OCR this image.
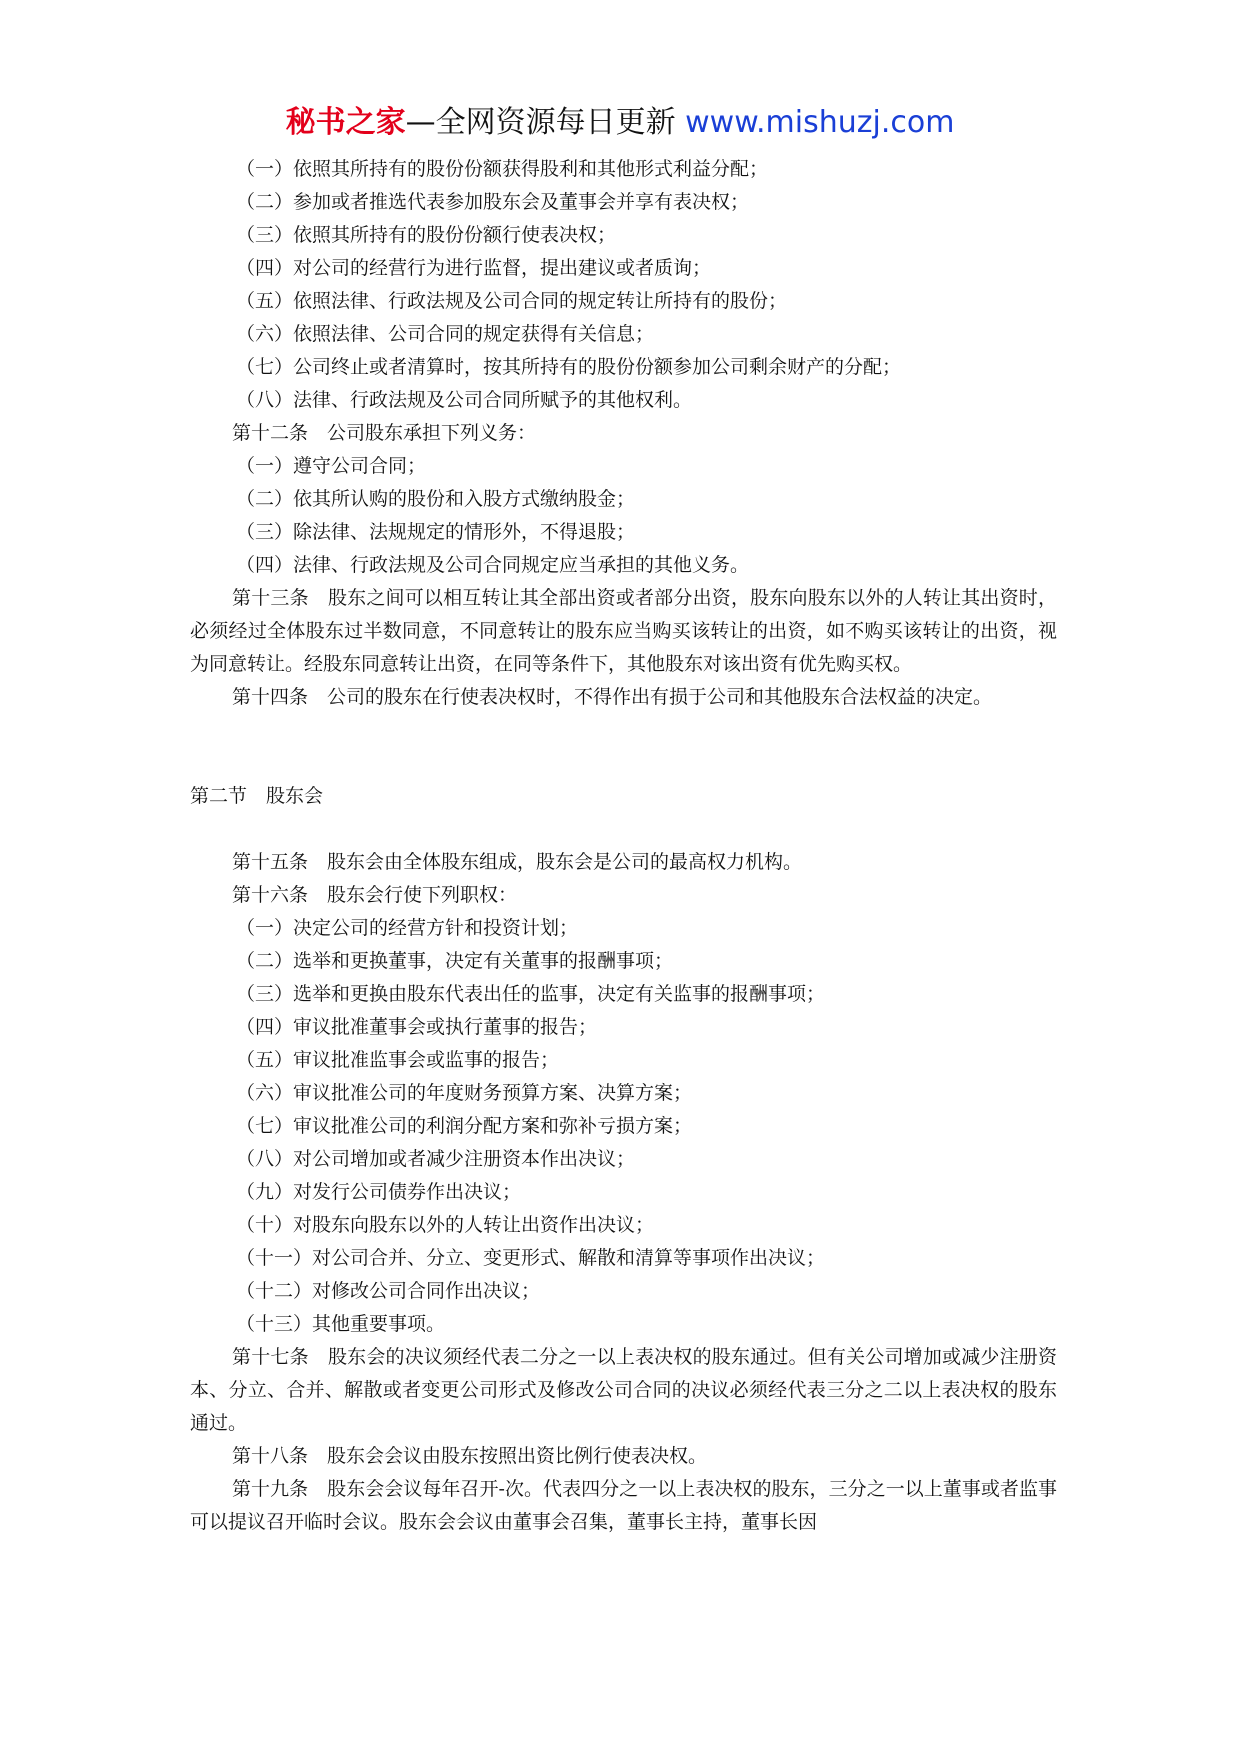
秘书之家—全网资源每日更新 www.mishuzj.com

（一）依照其所持有的股份份额获得股利和其他形式利益分配；

（二）参加或者推选代表参加股东会及董事会并享有表决权；

（三）依照其所持有的股份份额行使表决权；

（四）对公司的经营行为进行监督，提出建议或者质询；

（五）依照法律、行政法规及公司合同的规定转让所持有的股份；

（六）依照法律、公司合同的规定获得有关信息；

（七）公司终止或者清算时，按其所持有的股份份额参加公司剩余财产的分配；

（八）法律、行政法规及公司合同所赋予的其他权利。

第十二条　公司股东承担下列义务：

（一）遵守公司合同；

（二）依其所认购的股份和入股方式缴纳股金；

（三）除法律、法规规定的情形外，不得退股；

（四）法律、行政法规及公司合同规定应当承担的其他义务。

第十三条　股东之间可以相互转让其全部出资或者部分出资，股东向股东以外的人转让其出资时，必须经过全体股东过半数同意，不同意转让的股东应当购买该转让的出资，如不购买该转让的出资，视为同意转让。经股东同意转让出资，在同等条件下，其他股东对该出资有优先购买权。

第十四条　公司的股东在行使表决权时，不得作出有损于公司和其他股东合法权益的决定。

第二节　股东会

第十五条　股东会由全体股东组成，股东会是公司的最高权力机构。

第十六条　股东会行使下列职权：

（一）决定公司的经营方针和投资计划；

（二）选举和更换董事，决定有关董事的报酬事项；

（三）选举和更换由股东代表出任的监事，决定有关监事的报酬事项；

（四）审议批准董事会或执行董事的报告；

（五）审议批准监事会或监事的报告；

（六）审议批准公司的年度财务预算方案、决算方案；

（七）审议批准公司的利润分配方案和弥补亏损方案；

（八）对公司增加或者减少注册资本作出决议；

（九）对发行公司债券作出决议；

（十）对股东向股东以外的人转让出资作出决议；

（十一）对公司合并、分立、变更形式、解散和清算等事项作出决议；

（十二）对修改公司合同作出决议；

（十三）其他重要事项。

第十七条　股东会的决议须经代表二分之一以上表决权的股东通过。但有关公司增加或减少注册资本、分立、合并、解散或者变更公司形式及修改公司合同的决议必须经代表三分之二以上表决权的股东通过。

第十八条　股东会会议由股东按照出资比例行使表决权。

第十九条　股东会会议每年召开-次。代表四分之一以上表决权的股东，三分之一以上董事或者监事可以提议召开临时会议。股东会会议由董事会召集，董事长主持，董事长因
